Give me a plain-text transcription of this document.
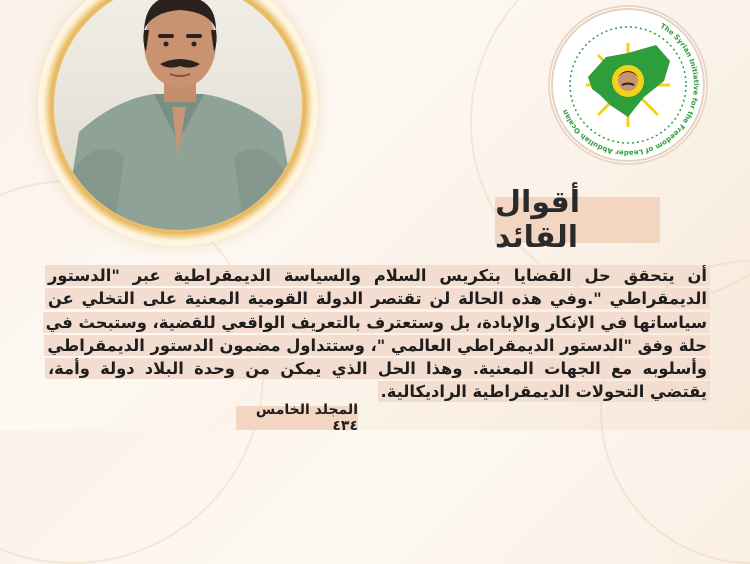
The Syrian Initiative for the Freedom of Leader Abdullah Ocalan
أقوال القائد
أن يتحقق حل القضايا بتكريس السلام والسياسة الديمقراطية عبر "الدستور الديمقراطي ".وفي هذه الحالة لن تقتصر الدولة القومية المعنية على التخلي عن سياساتها في الإنكار والإبادة، بل وستعترف بالتعريف الواقعي للقضية، وستبحث في حلة وفق "الدستور الديمقراطي العالمي "، وستتداول مضمون الدستور الديمقراطي وأسلوبه مع الجهات المعنية. وهذا الحل الذي يمكن من وحدة البلاد دولة وأمة، يقتضي التحولات الديمقراطية الراديكالية.
المجلد الخامس ٤٣٤
